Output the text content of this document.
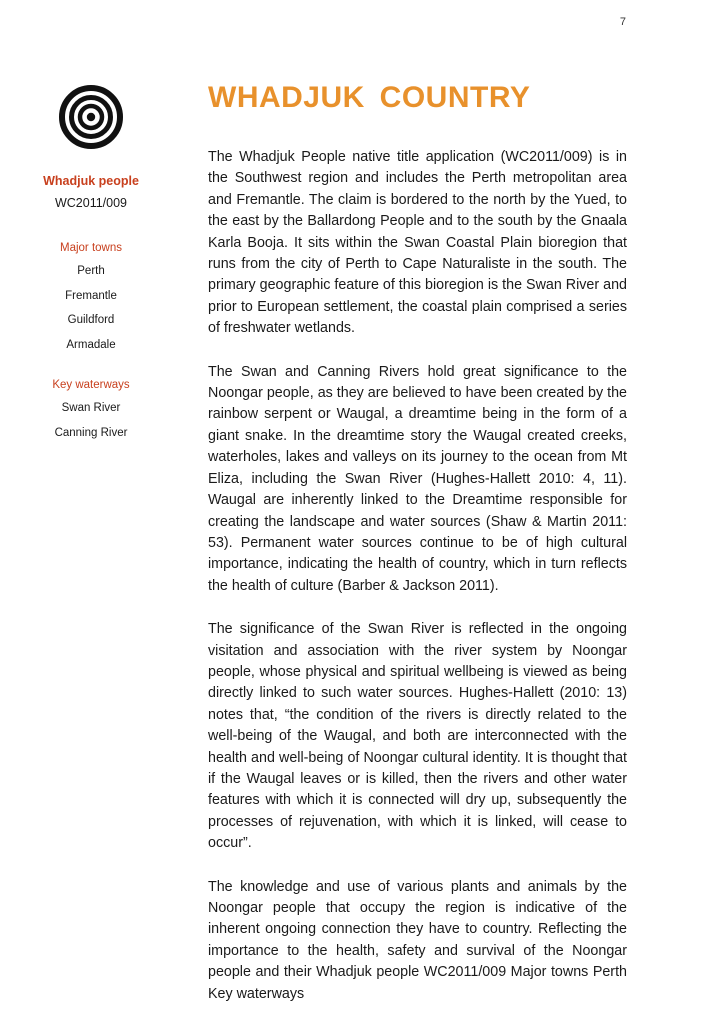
7
Whadjuk people
WC2011/009
Major towns
Perth
Fremantle
Guildford
Armadale
Key waterways
Swan River
Canning River
WHADJUK COUNTRY

The Whadjuk People native title application (WC2011/009) is in the Southwest region and includes the Perth metropolitan area and Fremantle. The claim is bordered to the north by the Yued, to the east by the Ballardong People and to the south by the Gnaala Karla Booja. It sits within the Swan Coastal Plain bioregion that runs from the city of Perth to Cape Naturaliste in the south. The primary geographic feature of this bioregion is the Swan River and prior to European settlement, the coastal plain comprised a series of freshwater wetlands.

The Swan and Canning Rivers hold great significance to the Noongar people, as they are believed to have been created by the rainbow serpent or Waugal, a dreamtime being in the form of a giant snake. In the dreamtime story the Waugal created creeks, waterholes, lakes and valleys on its journey to the ocean from Mt Eliza, including the Swan River (Hughes-Hallett 2010: 4, 11). Waugal are inherently linked to the Dreamtime responsible for creating the landscape and water sources (Shaw & Martin 2011: 53). Permanent water sources continue to be of high cultural importance, indicating the health of country, which in turn reflects the health of culture (Barber & Jackson 2011).

The significance of the Swan River is reflected in the ongoing visitation and association with the river system by Noongar people, whose physical and spiritual wellbeing is viewed as being directly linked to such water sources. Hughes-Hallett (2010: 13) notes that, “the condition of the rivers is directly related to the well-being of the Waugal, and both are interconnected with the health and well-being of Noongar cultural identity. It is thought that if the Waugal leaves or is killed, then the rivers and other water features with which it is connected will dry up, subsequently the processes of rejuvenation, with which it is linked, will cease to occur”.

The knowledge and use of various plants and animals by the Noongar people that occupy the region is indicative of the inherent ongoing connection they have to country. Reflecting the importance to the health, safety and survival of the Noongar people and their Whadjuk people WC2011/009 Major towns Perth Key waterways
